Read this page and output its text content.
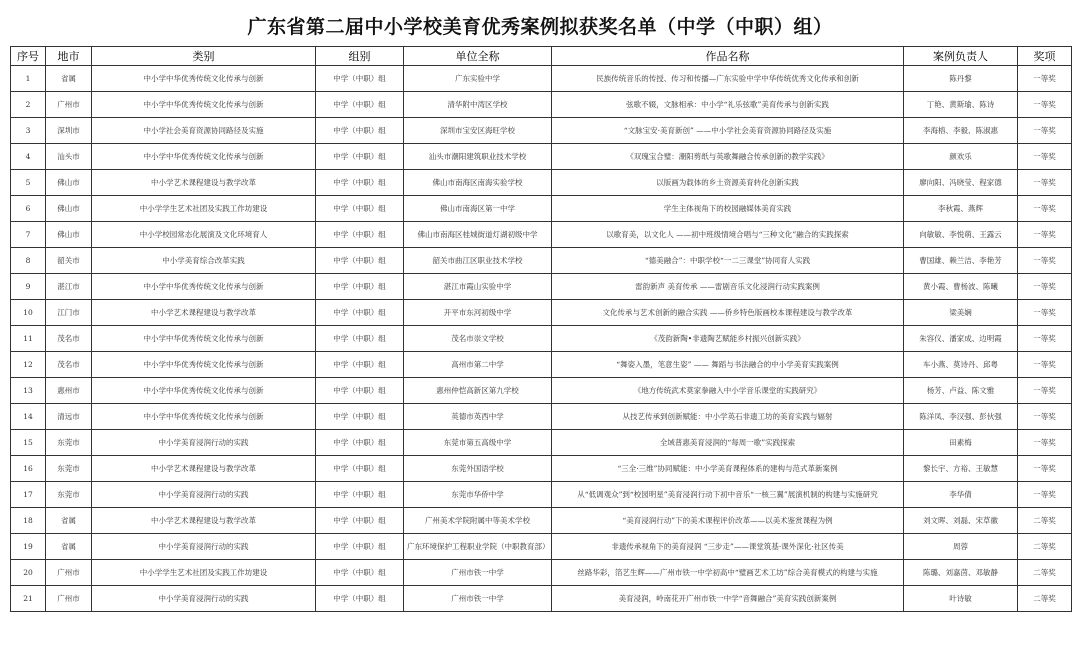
广东省第二届中小学校美育优秀案例拟获奖名单（中学（中职）组）
序号	地市	类别	组别	单位全称	作品名称	案例负责人	奖项
1	省属	中小学中华优秀传统文化传承与创新	中学（中职）组	广东实验中学	民族传统音乐的传授、传习和传播—广东实验中学中华传统优秀文化传承和创新	陈丹黎	一等奖
2	广州市	中小学中华优秀传统文化传承与创新	中学（中职）组	清华附中湾区学校	弦歌不辍，文脉相承：中小学“礼乐弦歌”美育传承与创新实践	丁艳、黄斯瑜、陈诗	一等奖
3	深圳市	中小学社会美育资源协同路径及实施	中学（中职）组	深圳市宝安区海旺学校	“文脉宝安·美育新创” ——中小学社会美育资源协同路径及实施	李海榕、李毅、陈淑惠	一等奖
4	汕头市	中小学中华优秀传统文化传承与创新	中学（中职）组	汕头市潮阳建筑职业技术学校	《双瑰宝合璧：潮阳剪纸与英歌舞融合传承创新的教学实践》	颜欢乐	一等奖
5	佛山市	中小学艺术课程建设与教学改革	中学（中职）组	佛山市南海区南海实验学校	以版画为载体的乡土资源美育转化创新实践	廖向阳、冯晓莹、程家德	一等奖
6	佛山市	中小学学生艺术社团及实践工作坊建设	中学（中职）组	佛山市南海区第一中学	学生主体视角下的校园融媒体美育实践	李秋霞、燕辉	一等奖
7	佛山市	中小学校园常态化展演及文化环境育人	中学（中职）组	佛山市南海区桂城街道灯湖初级中学	以歌育美，以文化人 ——初中班级情境合唱与“三种文化”融合的实践探索	向敏敏、李悦萌、王露云	一等奖
8	韶关市	中小学美育综合改革实践	中学（中职）组	韶关市曲江区职业技术学校	“德美融合”：中职学校“一二三课堂”协同育人实践	曹国雄、赖兰洁、李艳芳	一等奖
9	湛江市	中小学中华优秀传统文化传承与创新	中学（中职）组	湛江市霞山实验中学	雷韵新声 美育传承 ——雷剧音乐文化浸润行动实践案例	黄小霞、曹杨波、陈曦	一等奖
10	江门市	中小学艺术课程建设与教学改革	中学（中职）组	开平市东河初级中学	文化传承与艺术创新的融合实践 ——侨乡特色版画校本课程建设与教学改革	梁美娴	一等奖
11	茂名市	中小学中华优秀传统文化传承与创新	中学（中职）组	茂名市崇文学校	《茂韵新陶•非遗陶艺赋能乡村振兴创新实践》	朱容仪、潘家成、边明霞	一等奖
12	茂名市	中小学中华优秀传统文化传承与创新	中学（中职）组	高州市第二中学	“舞姿入墨，笔意生姿” —— 舞蹈与书法融合的中小学美育实践案例	车小燕、莫诗丹、邱粤	一等奖
13	惠州市	中小学中华优秀传统文化传承与创新	中学（中职）组	惠州仲恺高新区第九学校	《地方传统武术莫家拳融入中小学音乐课堂的实践研究》	杨芳、卢益、陈文雅	一等奖
14	清远市	中小学中华优秀传统文化传承与创新	中学（中职）组	英德市英西中学	从技艺传承到创新赋能：中小学英石非遗工坊的美育实践与辐射	陈洋凤、李汉强、彭伙强	一等奖
15	东莞市	中小学美育浸润行动的实践	中学（中职）组	东莞市第五高级中学	全域普惠美育浸润的“每周一歌”实践探索	田素梅	一等奖
16	东莞市	中小学艺术课程建设与教学改革	中学（中职）组	东莞外国语学校	“三全·三维”协同赋能：中小学美育课程体系的建构与范式革新案例	黎长宇、方裕、王敏慧	一等奖
17	东莞市	中小学美育浸润行动的实践	中学（中职）组	东莞市华侨中学	从“低调观众”到“校园明星”美育浸润行动下初中音乐“一核三翼”展演机制的构建与实施研究	李华倩	一等奖
18	省属	中小学艺术课程建设与教学改革	中学（中职）组	广州美术学院附属中等美术学校	“美育浸润行动”下的美术课程评价改革——以美术鉴赏课程为例	刘文晖、刘磊、宋草徽	二等奖
19	省属	中小学美育浸润行动的实践	中学（中职）组	广东环境保护工程职业学院（中职教育部）	非遗传承视角下的美育浸润 “三步走”——课堂筑基·课外深化·社区传美	周蓉	二等奖
20	广州市	中小学学生艺术社团及实践工作坊建设	中学（中职）组	广州市铁一中学	丝路华彩，箔艺生辉——广州市铁一中学初高中“璧画艺术工坊”综合美育模式的构建与实施	陈璐、刘嘉茵、邓敏静	二等奖
21	广州市	中小学美育浸润行动的实践	中学（中职）组	广州市铁一中学	美育浸润，岭南花开广州市铁一中学“音舞融合”美育实践创新案例	叶诗敏	二等奖
